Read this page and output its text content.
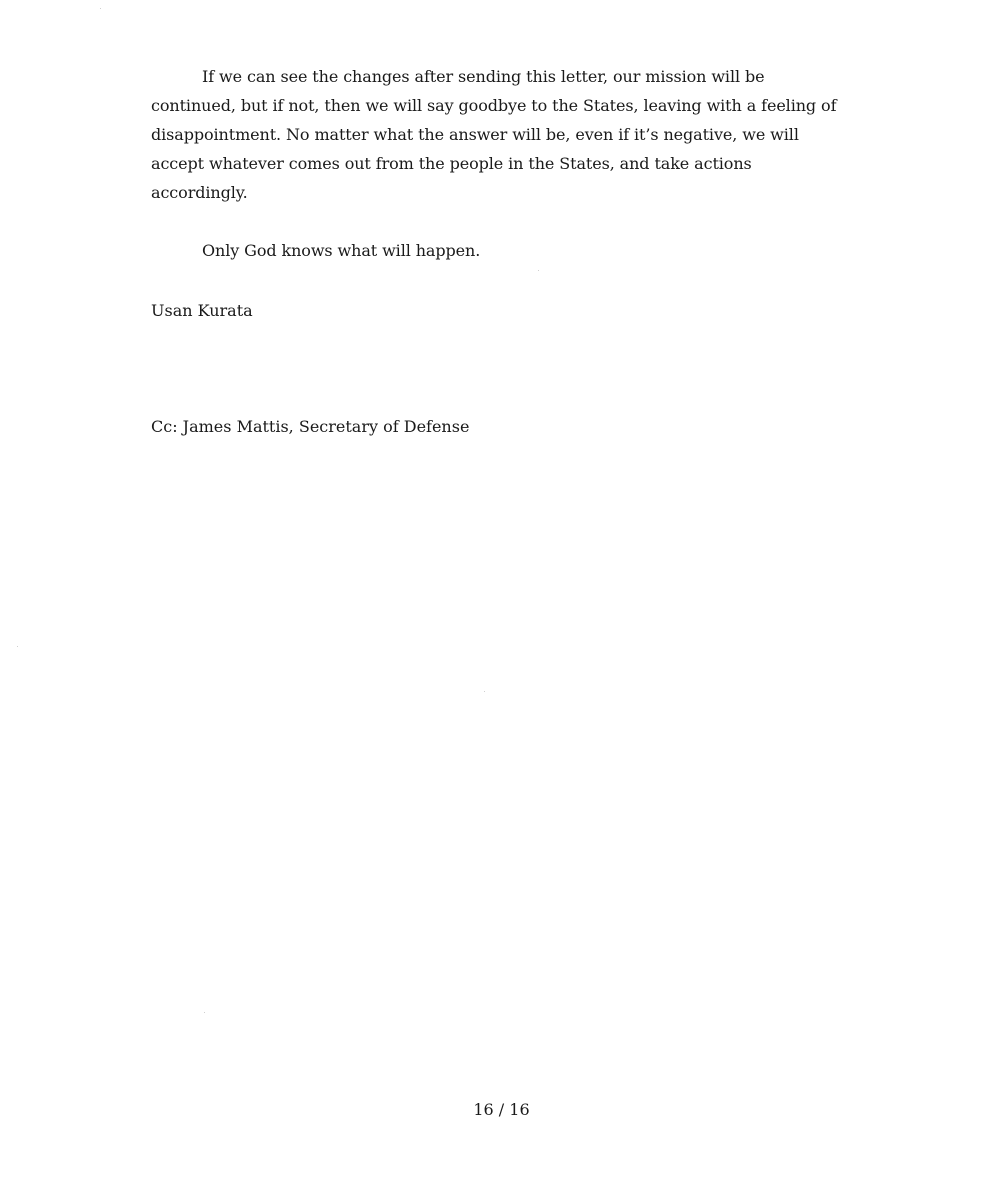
If we can see the changes after sending this letter, our mission will be continued, but if not, then we will say goodbye to the States, leaving with a feeling of disappointment. No matter what the answer will be, even if it’s negative, we will accept whatever comes out from the people in the States, and take actions accordingly.

Only God knows what will happen.

Usan Kurata

Cc: James Mattis, Secretary of Defense

16 / 16
